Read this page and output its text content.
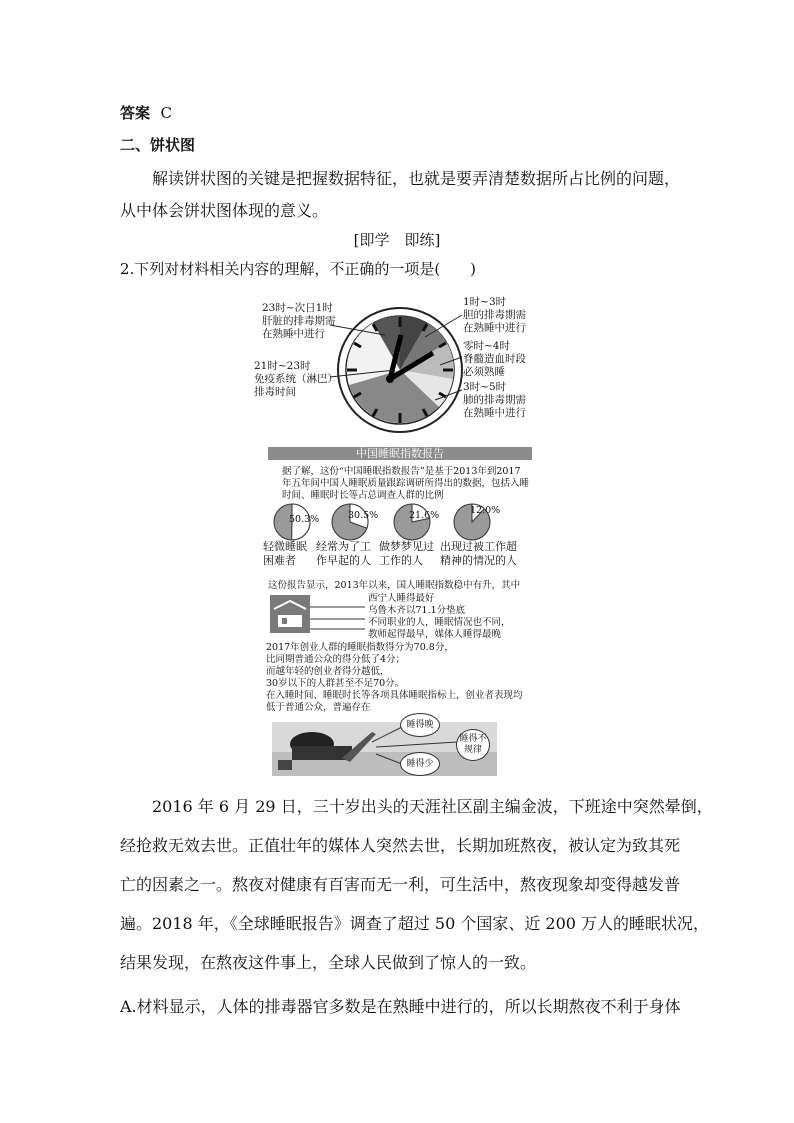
答案 C
二、饼状图
解读饼状图的关键是把握数据特征，也就是要弄清楚数据所占比例的问题，
从中体会饼状图体现的意义。
[即学　即练]
2.下列对材料相关内容的理解，不正确的一项是(　　)
23时~次日1时
肝脏的排毒期需
在熟睡中进行
21时~23时
免疫系统（淋巴）
排毒时间
1时~3时
胆的排毒期需
在熟睡中进行
零时~4时
脊髓造血时段
必须熟睡
3时~5时
肺的排毒期需
在熟睡中进行
中国睡眠指数报告
据了解，这份“中国睡眠指数报告”是基于2013年到2017
年五年间中国人睡眠质量跟踪调研所得出的数据，包括入睡
时间、睡眠时长等占总调查人群的比例
50.3%	30.5%	21.6%	12.0%
轻微睡眠
困难者
经常为了工
作早起的人
做梦梦见过
工作的人
出现过被工作超
精神的情况的人
这份报告显示，2013年以来，国人睡眠指数稳中有升，其中
西宁人睡得最好
乌鲁木齐以71.1分垫底
不同职业的人，睡眠情况也不同，
教师起得最早，媒体人睡得最晚
2017年创业人群的睡眠指数得分为70.8分，
比同期普通公众的得分低了4分；
而越年轻的创业者得分越低，
30岁以下的人群甚至不足70分。
在入睡时间、睡眠时长等各项具体睡眠指标上，创业者表现均
低于普通公众，普遍存在
睡得晚
睡得不规律
睡得少
2016 年 6 月 29 日，三十岁出头的天涯社区副主编金波，下班途中突然晕倒，
经抢救无效去世。正值壮年的媒体人突然去世，长期加班熬夜，被认定为致其死
亡的因素之一。熬夜对健康有百害而无一利，可生活中，熬夜现象却变得越发普
遍。2018 年，《全球睡眠报告》调查了超过 50 个国家、近 200 万人的睡眠状况，
结果发现，在熬夜这件事上，全球人民做到了惊人的一致。
A.材料显示，人体的排毒器官多数是在熟睡中进行的，所以长期熬夜不利于身体
